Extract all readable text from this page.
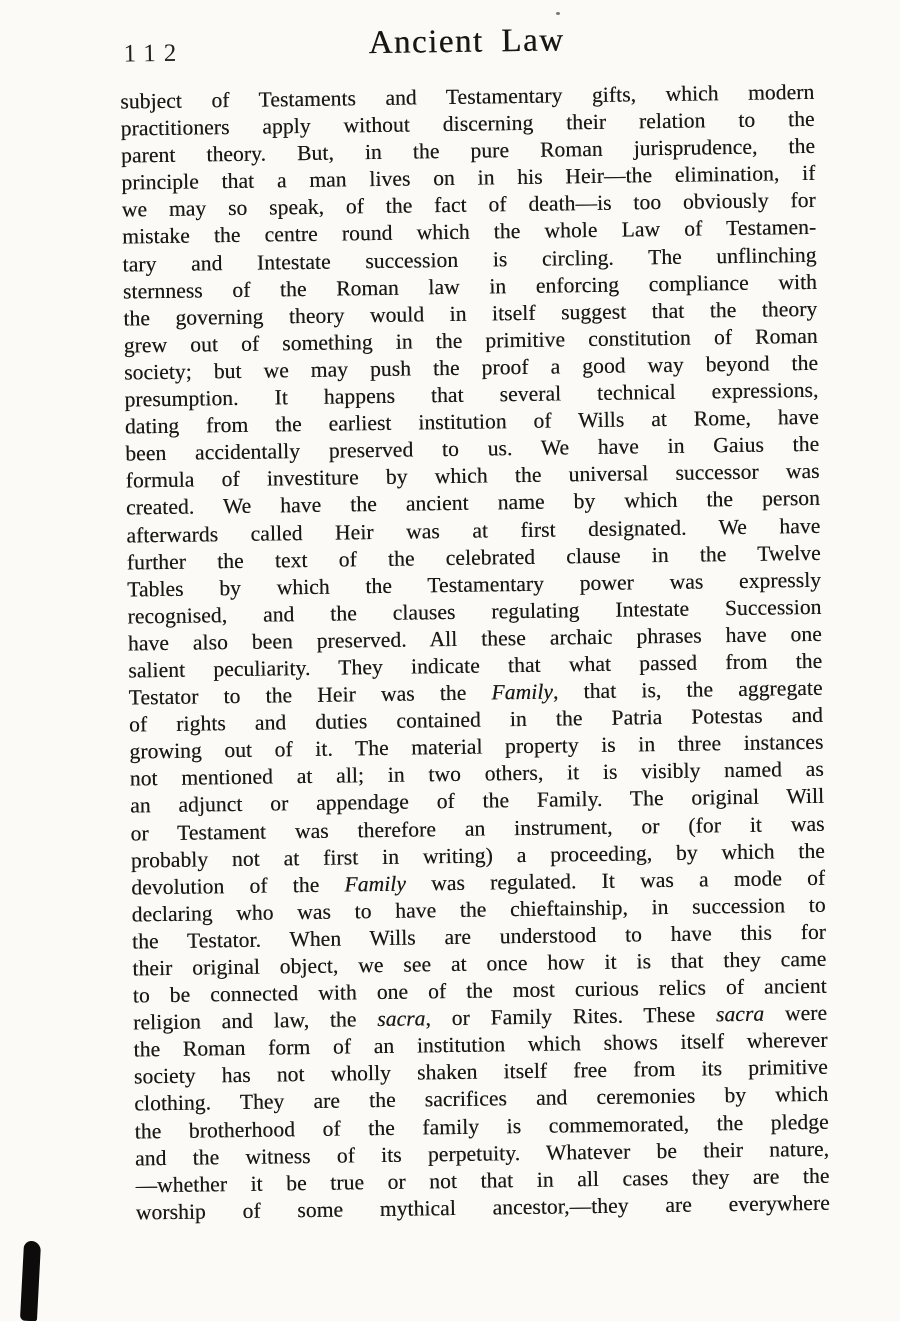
112	Ancient Law
subject of Testaments and Testamentary gifts, which modern
practitioners apply without discerning their relation to the
parent theory. But, in the pure Roman jurisprudence, the
principle that a man lives on in his Heir—the elimination, if
we may so speak, of the fact of death—is too obviously for
mistake the centre round which the whole Law of Testamen-
tary and Intestate succession is circling. The unflinching
sternness of the Roman law in enforcing compliance with
the governing theory would in itself suggest that the theory
grew out of something in the primitive constitution of Roman
society; but we may push the proof a good way beyond the
presumption. It happens that several technical expressions,
dating from the earliest institution of Wills at Rome, have
been accidentally preserved to us. We have in Gaius the
formula of investiture by which the universal successor was
created. We have the ancient name by which the person
afterwards called Heir was at first designated. We have
further the text of the celebrated clause in the Twelve
Tables by which the Testamentary power was expressly
recognised, and the clauses regulating Intestate Succession
have also been preserved. All these archaic phrases have one
salient peculiarity. They indicate that what passed from the
Testator to the Heir was the Family, that is, the aggregate
of rights and duties contained in the Patria Potestas and
growing out of it. The material property is in three instances
not mentioned at all; in two others, it is visibly named as
an adjunct or appendage of the Family. The original Will
or Testament was therefore an instrument, or (for it was
probably not at first in writing) a proceeding, by which the
devolution of the Family was regulated. It was a mode of
declaring who was to have the chieftainship, in succession to
the Testator. When Wills are understood to have this for
their original object, we see at once how it is that they came
to be connected with one of the most curious relics of ancient
religion and law, the sacra, or Family Rites. These sacra were
the Roman form of an institution which shows itself wherever
society has not wholly shaken itself free from its primitive
clothing. They are the sacrifices and ceremonies by which
the brotherhood of the family is commemorated, the pledge
and the witness of its perpetuity. Whatever be their nature,
—whether it be true or not that in all cases they are the
worship of some mythical ancestor,—they are everywhere
